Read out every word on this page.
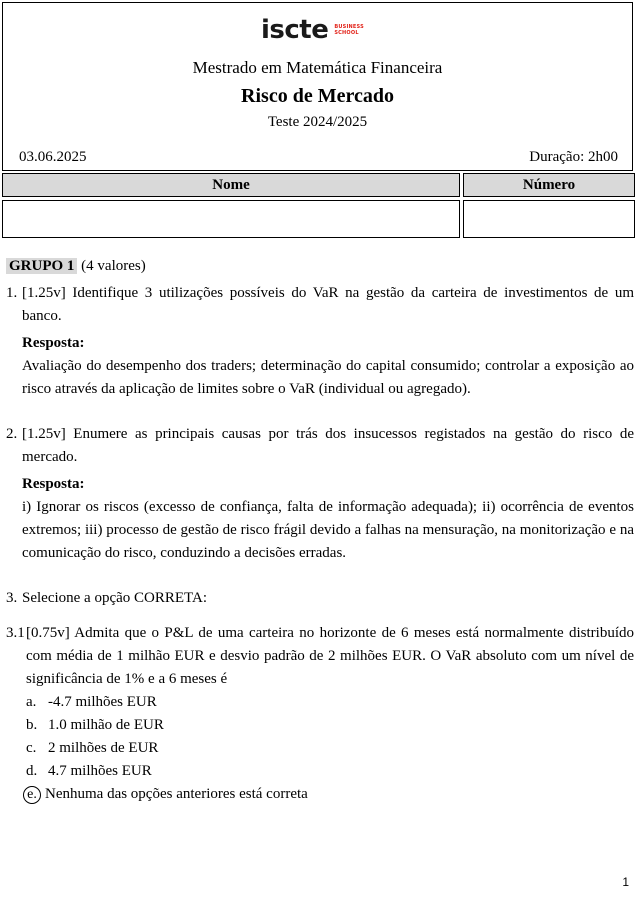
iscte BUSINESS
SCHOOL
Mestrado em Matemática Financeira
Risco de Mercado
Teste 2024/2025
03.06.2025	Duração: 2h00
Nome	Número
GRUPO 1 (4 valores)
1. [1.25v] Identifique 3 utilizações possíveis do VaR na gestão da carteira de investimentos de um banco.
Resposta:
Avaliação do desempenho dos traders; determinação do capital consumido; controlar a exposição ao risco através da aplicação de limites sobre o VaR (individual ou agregado).
2. [1.25v] Enumere as principais causas por trás dos insucessos registados na gestão do risco de mercado.
Resposta:
i) Ignorar os riscos (excesso de confiança, falta de informação adequada); ii) ocorrência de eventos extremos; iii) processo de gestão de risco frágil devido a falhas na mensuração, na monitorização e na comunicação do risco, conduzindo a decisões erradas.
3. Selecione a opção CORRETA:
3.1 [0.75v] Admita que o P&L de uma carteira no horizonte de 6 meses está normalmente distribuído com média de 1 milhão EUR e desvio padrão de 2 milhões EUR. O VaR absoluto com um nível de significância de 1% e a 6 meses é
a. -4.7 milhões EUR
b. 1.0 milhão de EUR
c. 2 milhões de EUR
d. 4.7 milhões EUR
e. Nenhuma das opções anteriores está correta
1
